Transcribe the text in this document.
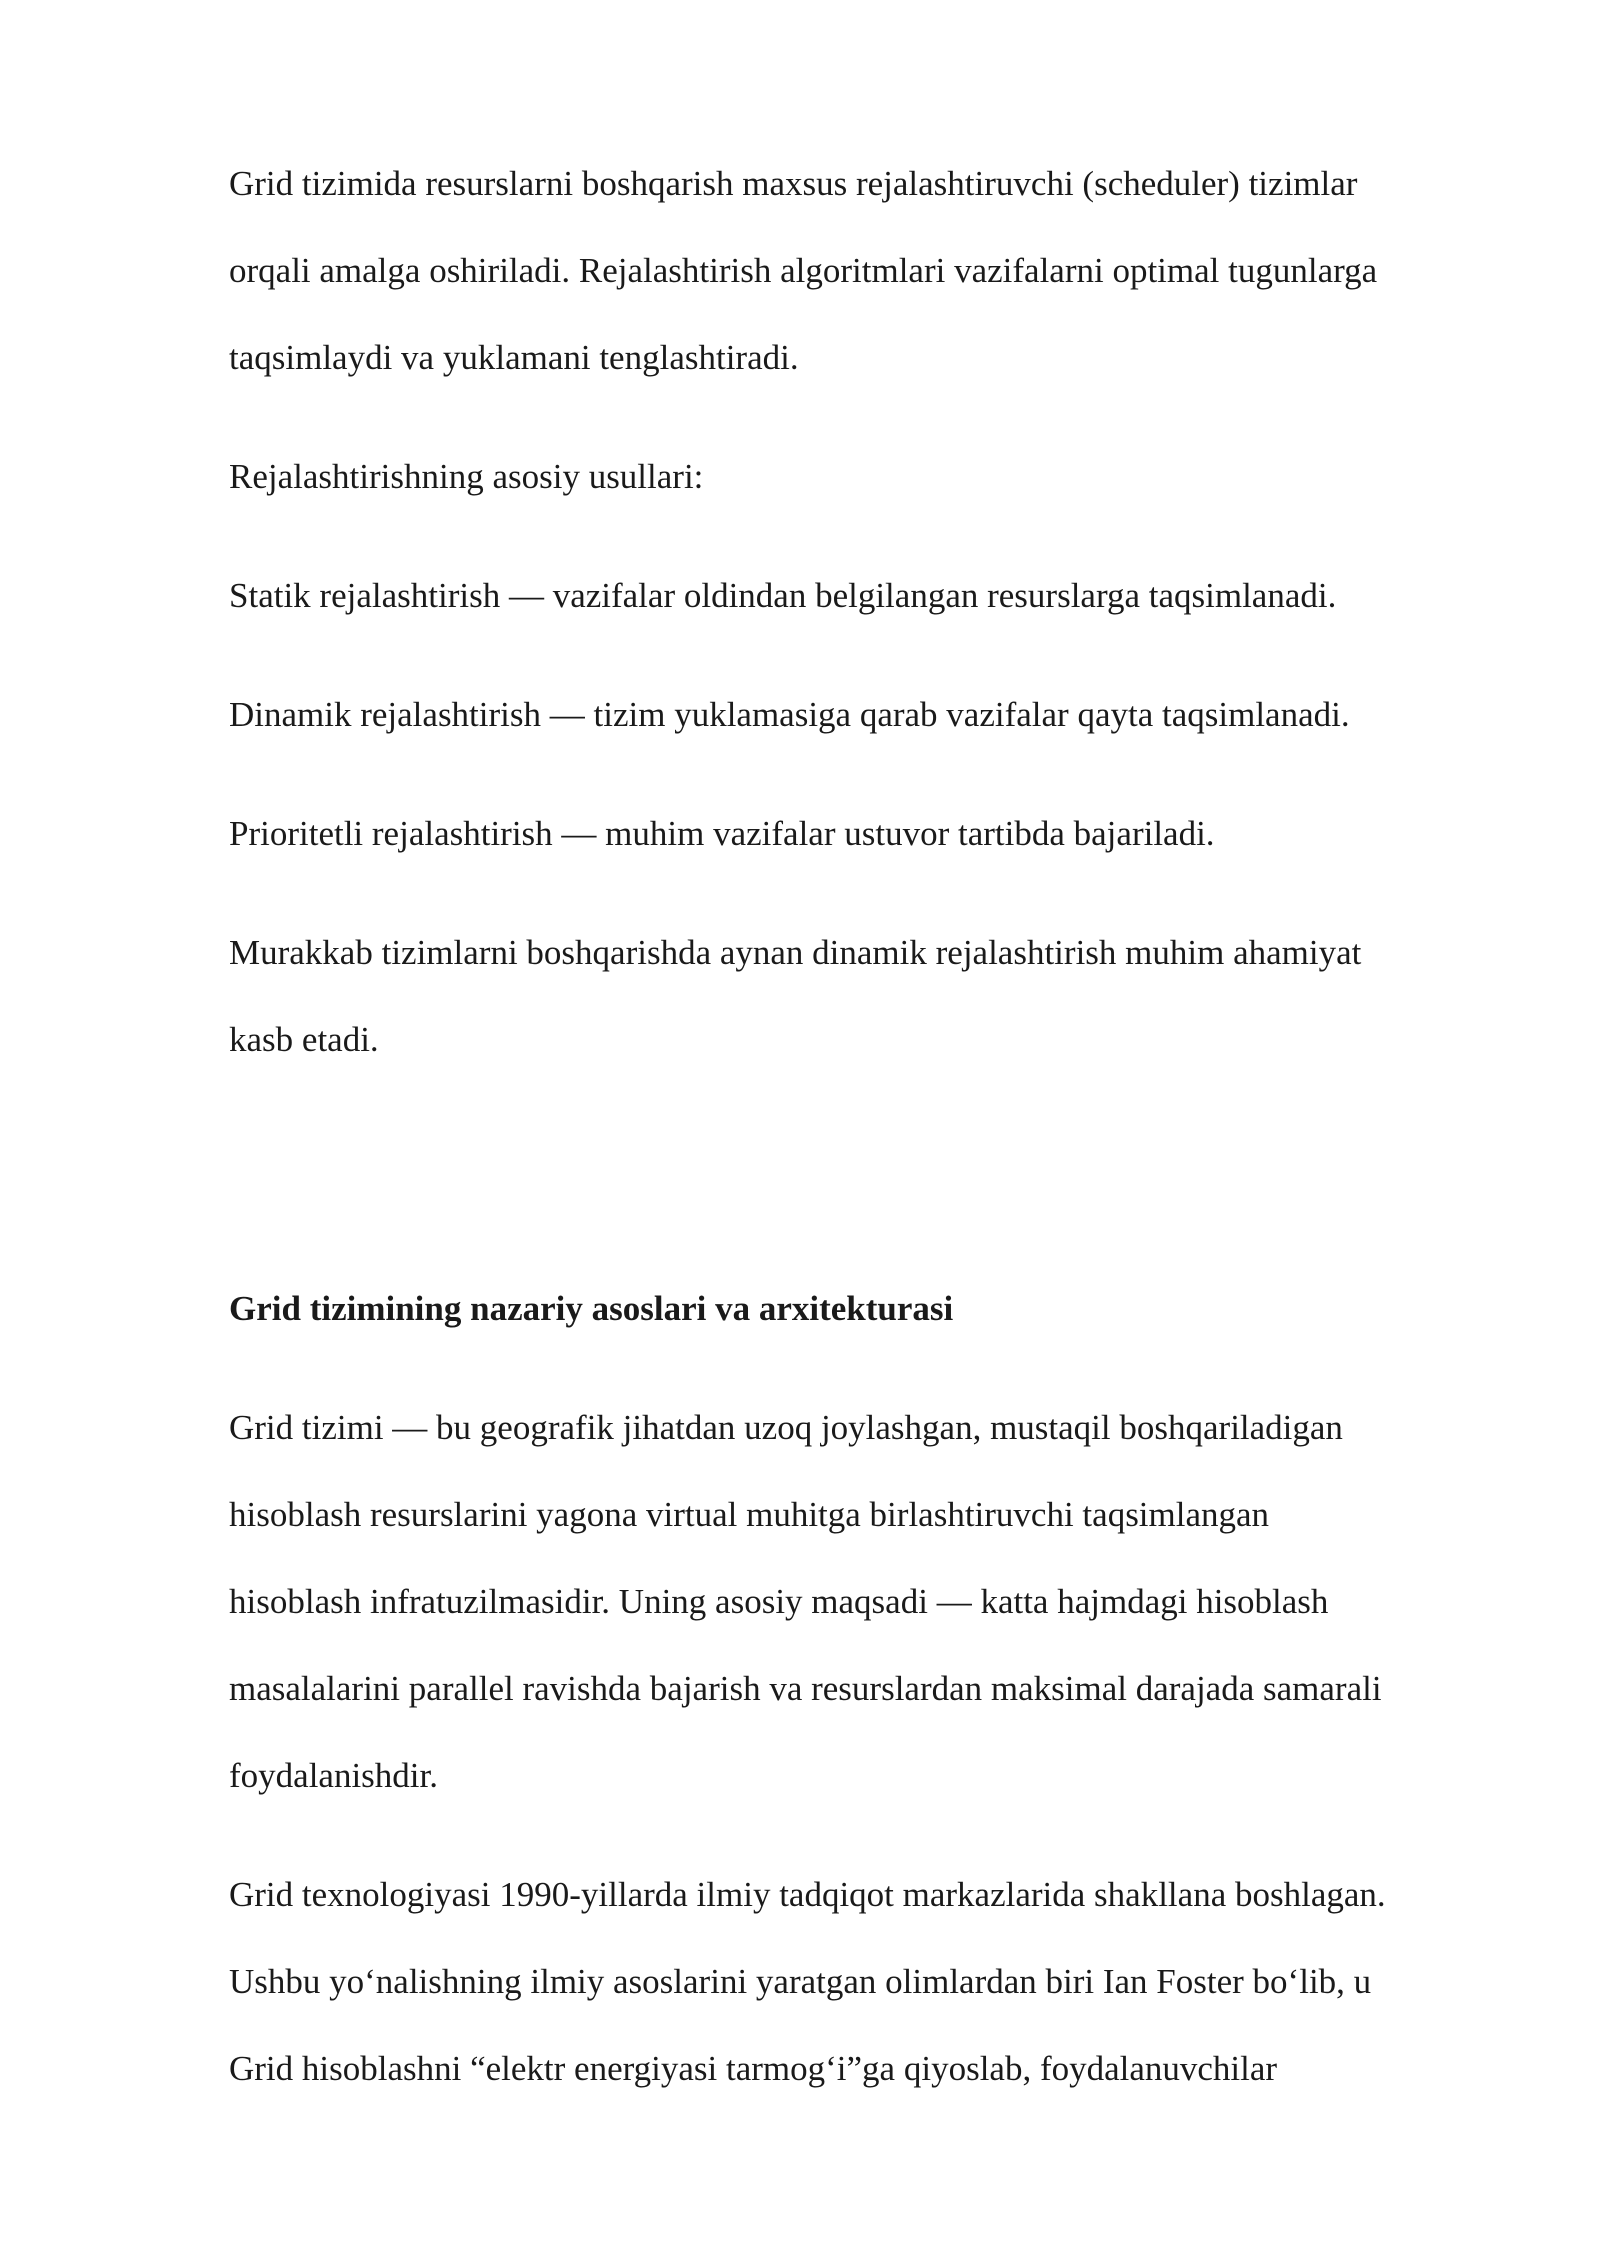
Grid tizimida resurslarni boshqarish maxsus rejalashtiruvchi (scheduler) tizimlar
orqali amalga oshiriladi. Rejalashtirish algoritmlari vazifalarni optimal tugunlarga
taqsimlaydi va yuklamani tenglashtiradi.

Rejalashtirishning asosiy usullari:

Statik rejalashtirish — vazifalar oldindan belgilangan resurslarga taqsimlanadi.

Dinamik rejalashtirish — tizim yuklamasiga qarab vazifalar qayta taqsimlanadi.

Prioritetli rejalashtirish — muhim vazifalar ustuvor tartibda bajariladi.

Murakkab tizimlarni boshqarishda aynan dinamik rejalashtirish muhim ahamiyat
kasb etadi.

Grid tizimining nazariy asoslari va arxitekturasi

Grid tizimi — bu geografik jihatdan uzoq joylashgan, mustaqil boshqariladigan
hisoblash resurslarini yagona virtual muhitga birlashtiruvchi taqsimlangan
hisoblash infratuzilmasidir. Uning asosiy maqsadi — katta hajmdagi hisoblash
masalalarini parallel ravishda bajarish va resurslardan maksimal darajada samarali
foydalanishdir.

Grid texnologiyasi 1990-yillarda ilmiy tadqiqot markazlarida shakllana boshlagan.
Ushbu yo‘nalishning ilmiy asoslarini yaratgan olimlardan biri Ian Foster bo‘lib, u
Grid hisoblashni “elektr energiyasi tarmog‘i”ga qiyoslab, foydalanuvchilar
